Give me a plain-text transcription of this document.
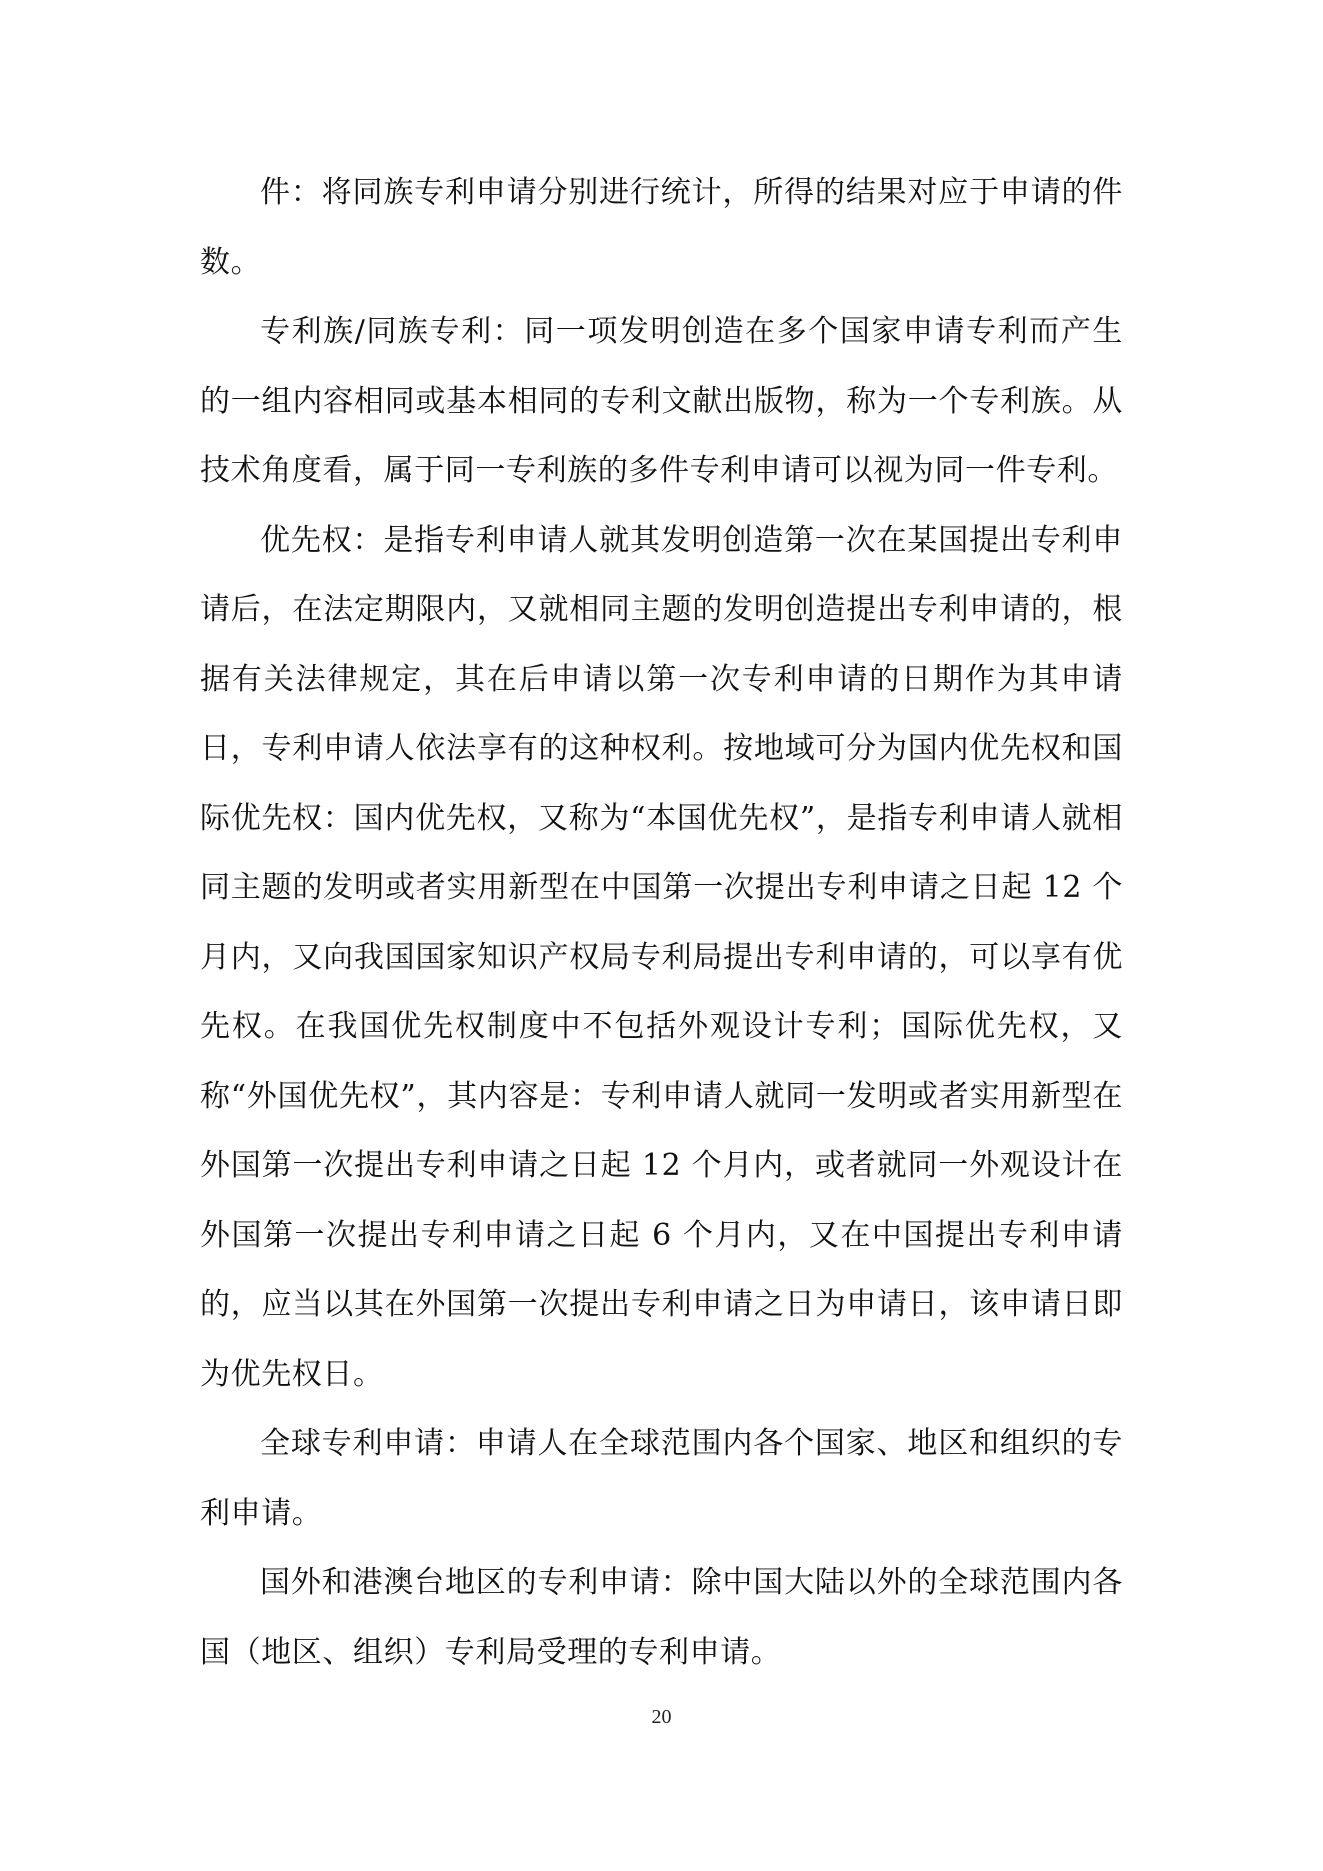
件：将同族专利申请分别进行统计，所得的结果对应于申请的件数。

专利族/同族专利：同一项发明创造在多个国家申请专利而产生的一组内容相同或基本相同的专利文献出版物，称为一个专利族。从技术角度看，属于同一专利族的多件专利申请可以视为同一件专利。

优先权：是指专利申请人就其发明创造第一次在某国提出专利申请后，在法定期限内，又就相同主题的发明创造提出专利申请的，根据有关法律规定，其在后申请以第一次专利申请的日期作为其申请日，专利申请人依法享有的这种权利。按地域可分为国内优先权和国际优先权：国内优先权，又称为“本国优先权”，是指专利申请人就相同主题的发明或者实用新型在中国第一次提出专利申请之日起 12 个月内，又向我国国家知识产权局专利局提出专利申请的，可以享有优先权。在我国优先权制度中不包括外观设计专利；国际优先权，又称“外国优先权”，其内容是：专利申请人就同一发明或者实用新型在外国第一次提出专利申请之日起 12 个月内，或者就同一外观设计在外国第一次提出专利申请之日起 6 个月内，又在中国提出专利申请的，应当以其在外国第一次提出专利申请之日为申请日，该申请日即为优先权日。

全球专利申请：申请人在全球范围内各个国家、地区和组织的专利申请。

国外和港澳台地区的专利申请：除中国大陆以外的全球范围内各国（地区、组织）专利局受理的专利申请。

20
